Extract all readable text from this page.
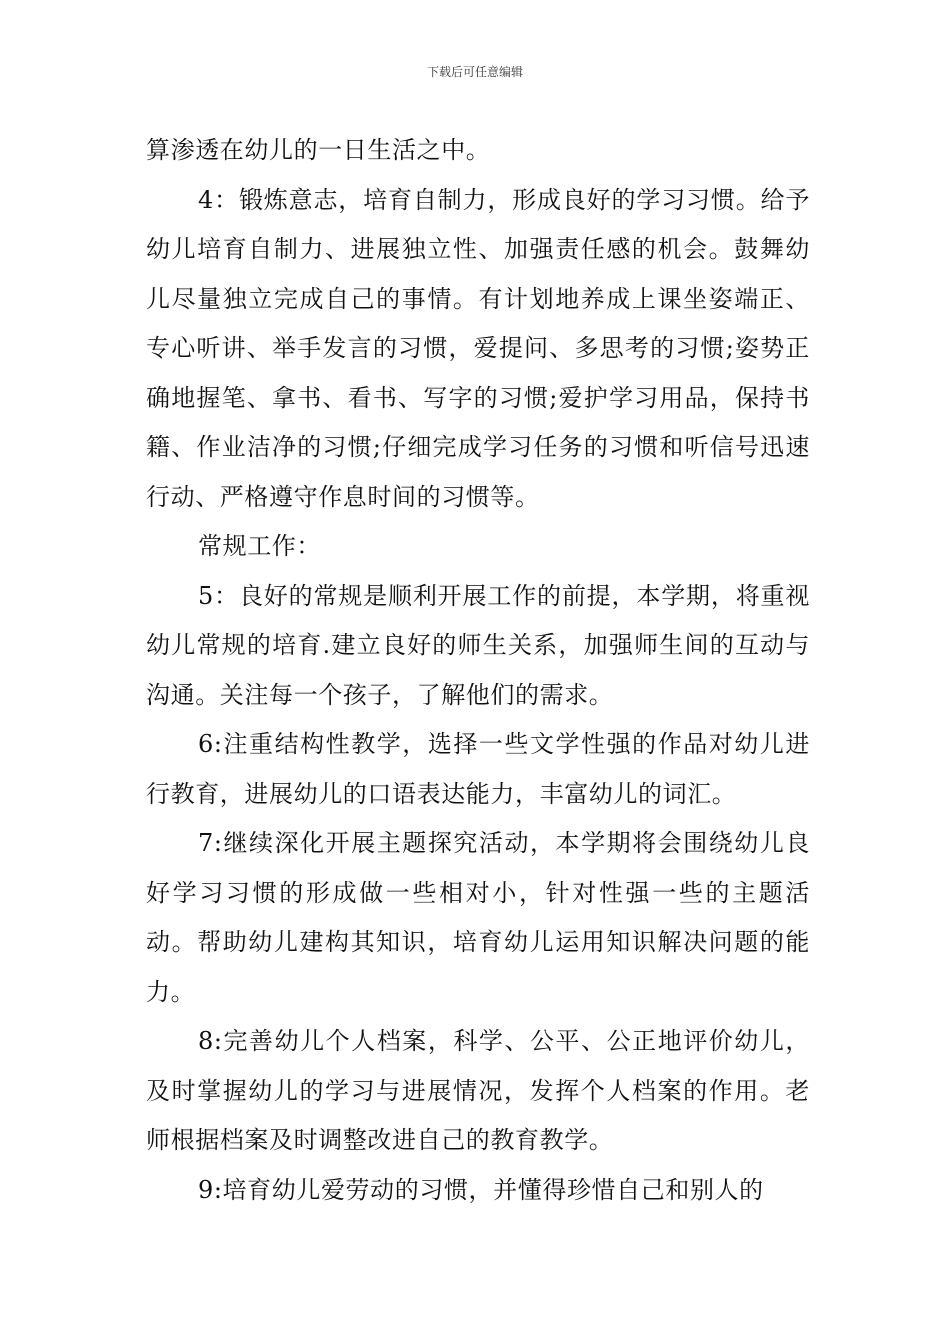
下载后可任意编辑

算渗透在幼儿的一日生活之中。

4：锻炼意志，培育自制力，形成良好的学习习惯。给予幼儿培育自制力、进展独立性、加强责任感的机会。鼓舞幼儿尽量独立完成自己的事情。有计划地养成上课坐姿端正、专心听讲、举手发言的习惯，爱提问、多思考的习惯;姿势正确地握笔、拿书、看书、写字的习惯;爱护学习用品，保持书籍、作业洁净的习惯;仔细完成学习任务的习惯和听信号迅速行动、严格遵守作息时间的习惯等。

常规工作：

5：良好的常规是顺利开展工作的前提，本学期，将重视幼儿常规的培育.建立良好的师生关系，加强师生间的互动与沟通。关注每一个孩子，了解他们的需求。

6:注重结构性教学，选择一些文学性强的作品对幼儿进行教育，进展幼儿的口语表达能力，丰富幼儿的词汇。

7:继续深化开展主题探究活动，本学期将会围绕幼儿良好学习习惯的形成做一些相对小，针对性强一些的主题活动。帮助幼儿建构其知识，培育幼儿运用知识解决问题的能力。

8:完善幼儿个人档案，科学、公平、公正地评价幼儿，及时掌握幼儿的学习与进展情况，发挥个人档案的作用。老师根据档案及时调整改进自己的教育教学。

9:培育幼儿爱劳动的习惯，并懂得珍惜自己和别人的
